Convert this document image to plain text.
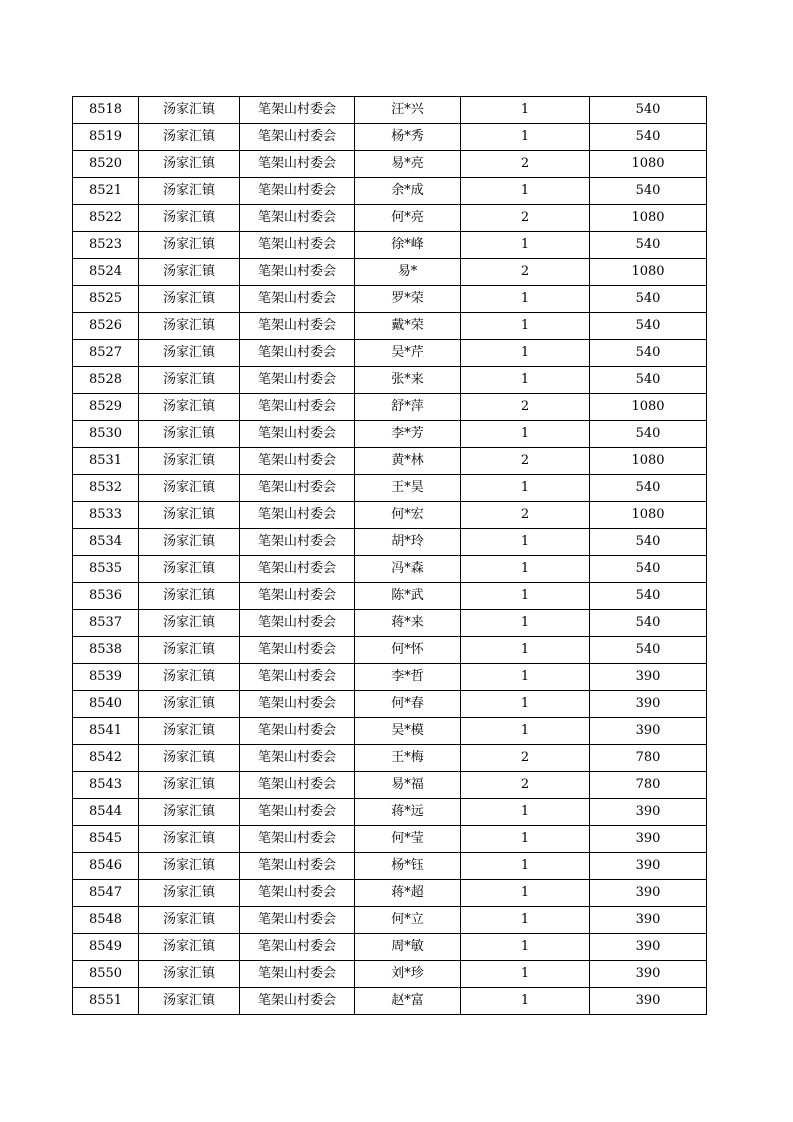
8518	汤家汇镇	笔架山村委会	汪*兴	1	540
8519	汤家汇镇	笔架山村委会	杨*秀	1	540
8520	汤家汇镇	笔架山村委会	易*亮	2	1080
8521	汤家汇镇	笔架山村委会	余*成	1	540
8522	汤家汇镇	笔架山村委会	何*亮	2	1080
8523	汤家汇镇	笔架山村委会	徐*峰	1	540
8524	汤家汇镇	笔架山村委会	易*	2	1080
8525	汤家汇镇	笔架山村委会	罗*荣	1	540
8526	汤家汇镇	笔架山村委会	戴*荣	1	540
8527	汤家汇镇	笔架山村委会	吴*芹	1	540
8528	汤家汇镇	笔架山村委会	张*来	1	540
8529	汤家汇镇	笔架山村委会	舒*萍	2	1080
8530	汤家汇镇	笔架山村委会	李*芳	1	540
8531	汤家汇镇	笔架山村委会	黄*林	2	1080
8532	汤家汇镇	笔架山村委会	王*昊	1	540
8533	汤家汇镇	笔架山村委会	何*宏	2	1080
8534	汤家汇镇	笔架山村委会	胡*玲	1	540
8535	汤家汇镇	笔架山村委会	冯*森	1	540
8536	汤家汇镇	笔架山村委会	陈*武	1	540
8537	汤家汇镇	笔架山村委会	蒋*来	1	540
8538	汤家汇镇	笔架山村委会	何*怀	1	540
8539	汤家汇镇	笔架山村委会	李*哲	1	390
8540	汤家汇镇	笔架山村委会	何*春	1	390
8541	汤家汇镇	笔架山村委会	吴*模	1	390
8542	汤家汇镇	笔架山村委会	王*梅	2	780
8543	汤家汇镇	笔架山村委会	易*福	2	780
8544	汤家汇镇	笔架山村委会	蒋*远	1	390
8545	汤家汇镇	笔架山村委会	何*莹	1	390
8546	汤家汇镇	笔架山村委会	杨*钰	1	390
8547	汤家汇镇	笔架山村委会	蒋*超	1	390
8548	汤家汇镇	笔架山村委会	何*立	1	390
8549	汤家汇镇	笔架山村委会	周*敏	1	390
8550	汤家汇镇	笔架山村委会	刘*珍	1	390
8551	汤家汇镇	笔架山村委会	赵*富	1	390
